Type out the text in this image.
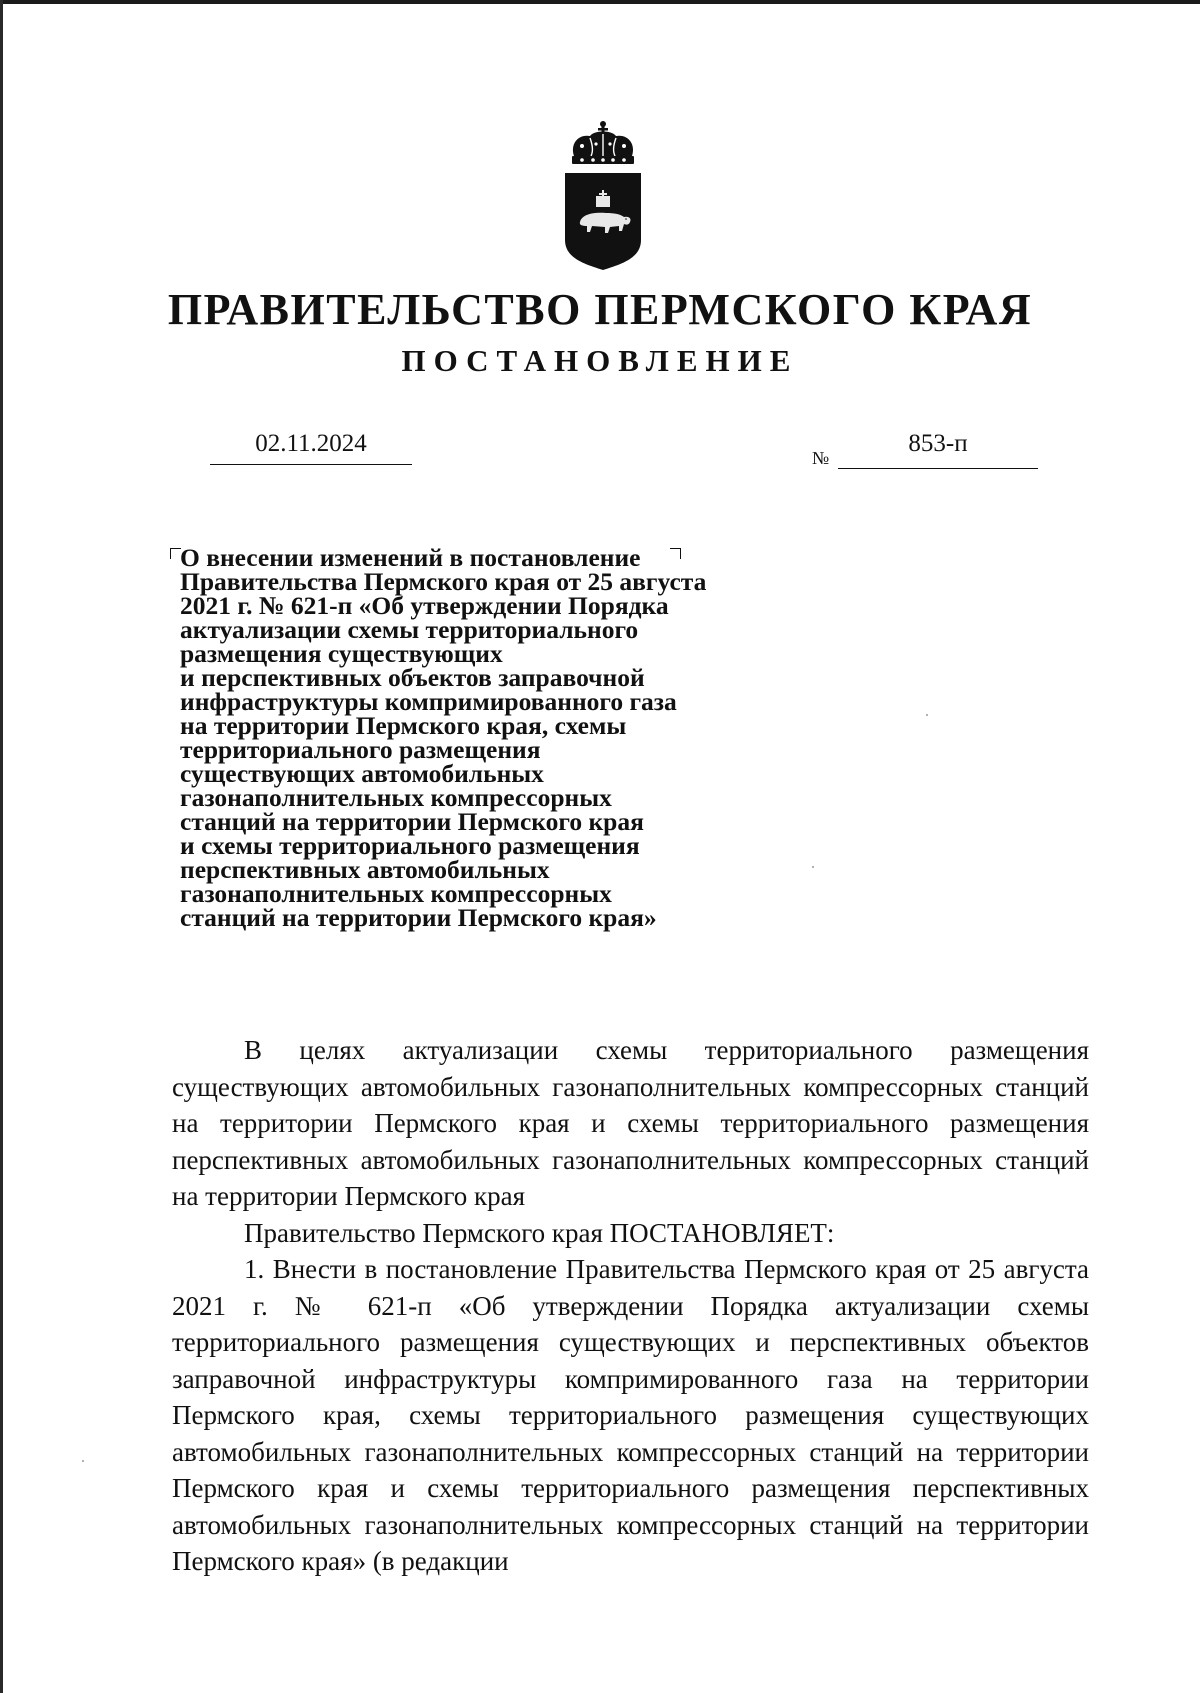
ПРАВИТЕЛЬСТВО ПЕРМСКОГО КРАЯ
ПОСТАНОВЛЕНИЕ
02.11.2024
№
853-п
О внесении изменений в постановление
Правительства Пермского края от 25 августа
2021 г. № 621-п «Об утверждении Порядка
актуализации схемы территориального
размещения существующих
и перспективных объектов заправочной
инфраструктуры компримированного газа
на территории Пермского края, схемы
территориального размещения
существующих автомобильных
газонаполнительных компрессорных
станций на территории Пермского края
и схемы территориального размещения
перспективных автомобильных
газонаполнительных компрессорных
станций на территории Пермского края»

В целях актуализации схемы территориального размещения существующих автомобильных газонаполнительных компрессорных станций на территории Пермского края и схемы территориального размещения перспективных автомобильных газонаполнительных компрессорных станций на территории Пермского края

Правительство Пермского края ПОСТАНОВЛЯЕТ:

1. Внести в постановление Правительства Пермского края от 25 августа 2021 г. № 621-п «Об утверждении Порядка актуализации схемы территориального размещения существующих и перспективных объектов заправочной инфраструктуры компримированного газа на территории Пермского края, схемы территориального размещения существующих автомобильных газонаполнительных компрессорных станций на территории Пермского края и схемы территориального размещения перспективных автомобильных газонаполнительных компрессорных станций на территории Пермского края» (в редакции
